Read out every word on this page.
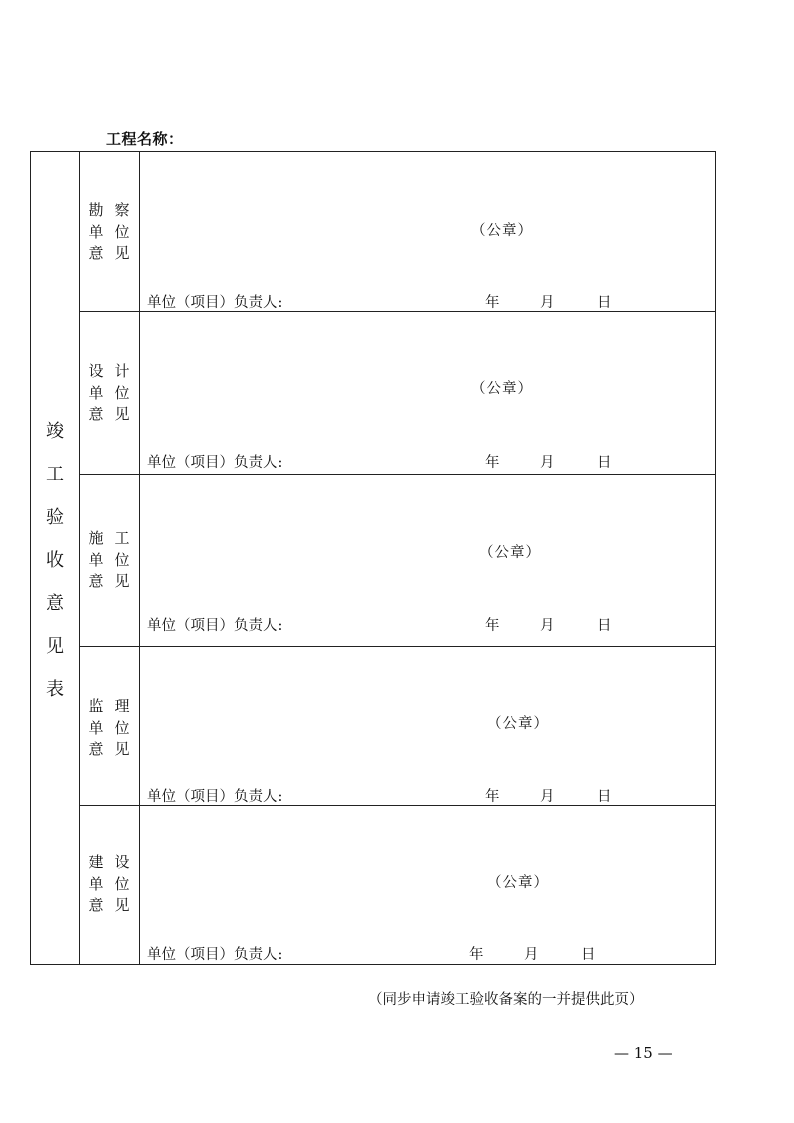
工程名称：
竣
工
验
收
意
见
表
勘 察
单 位
意 见
（公章）
单位（项目）负责人:	年	月	日
设 计
单 位
意 见
（公章）
单位（项目）负责人:	年	月	日
施 工
单 位
意 见
（公章）
单位（项目）负责人:	年	月	日
监 理
单 位
意 见
（公章）
单位（项目）负责人:	年	月	日
建 设
单 位
意 见
（公章）
单位（项目）负责人:	年	月	日
（同步申请竣工验收备案的一并提供此页）
— 15 —
